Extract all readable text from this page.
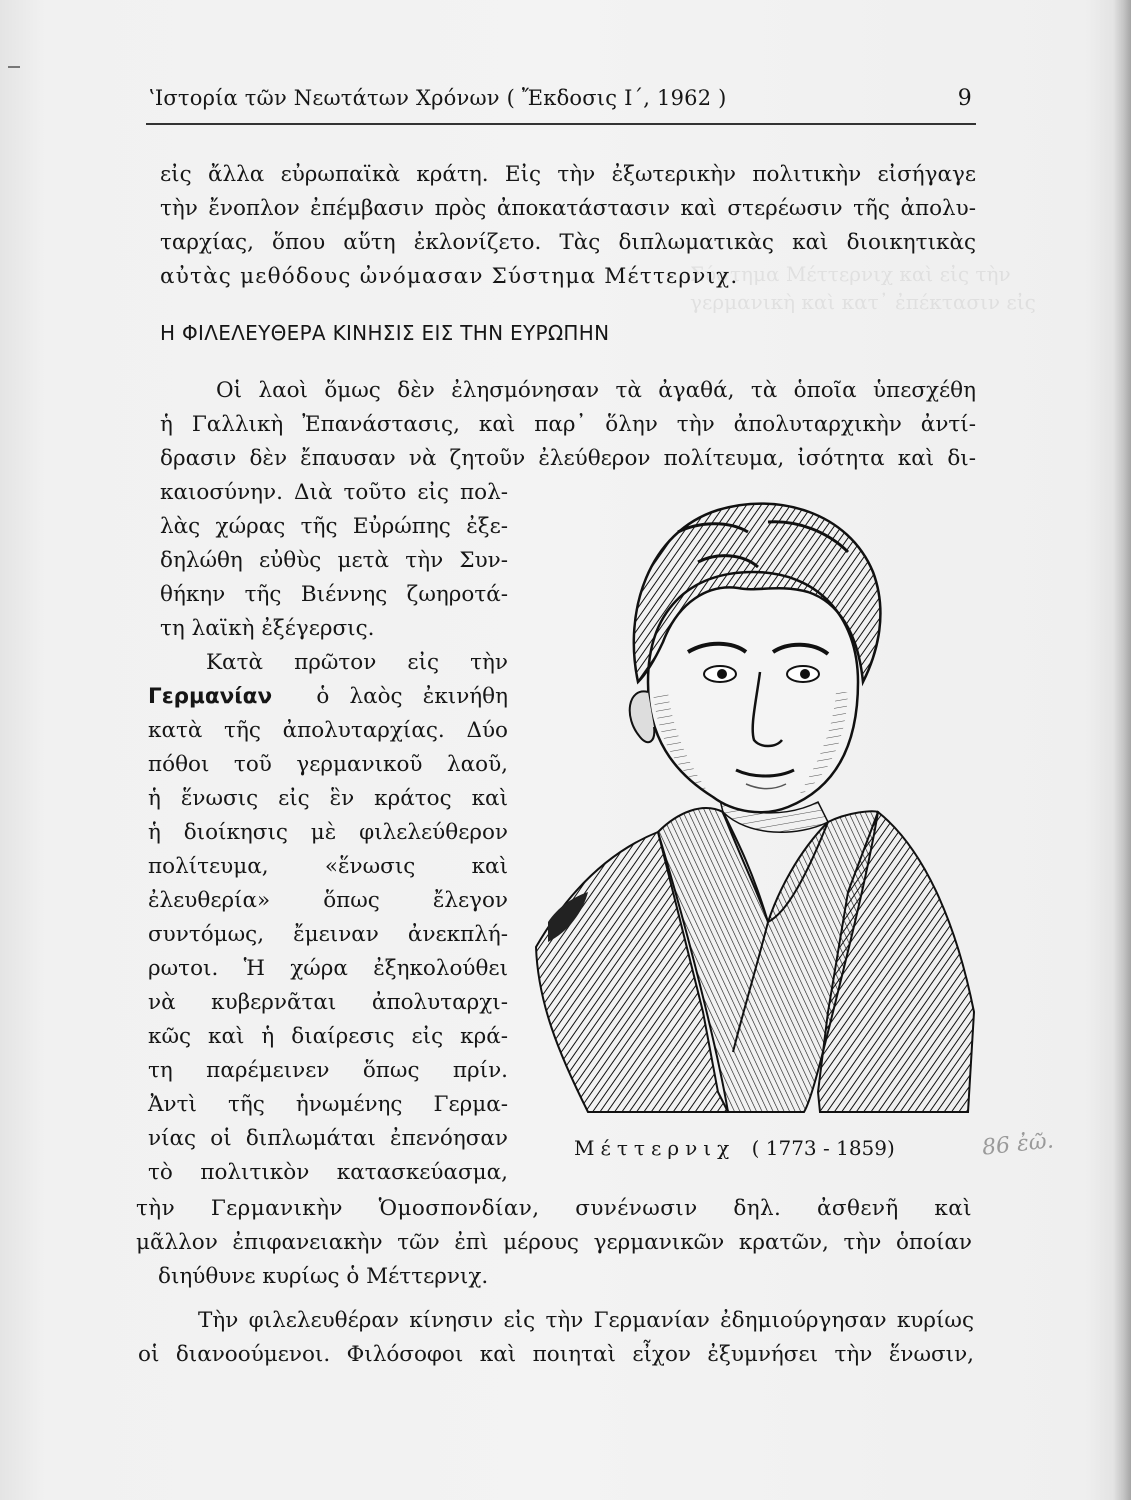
Σύστημα Μέττερνιχ καὶ εἰς τὴν
γερμανικὴ καὶ κατ᾽ ἐπέκτασιν εἰς
ʽΙστορία τῶν Νεωτάτων Χρόνων ( Ἔκδοσις Ι΄, 1962 )	9
εἰς ἄλλα εὐρωπαϊκὰ κράτη. Εἰς τὴν ἐξωτερικὴν πολιτικὴν εἰσήγαγε
τὴν ἔνοπλον ἐπέμβασιν πρὸς ἀποκατάστασιν καὶ στερέωσιν τῆς ἀπολυ-
ταρχίας, ὅπου αὕτη ἐκλονίζετο. Τὰς διπλωματικὰς καὶ διοικητικὰς
αὐτὰς μεθόδους ὠνόμασαν Σύστημα Μέττερνιχ.
Η ΦΙΛΕΛΕΥΘΕΡΑ ΚΙΝΗΣΙΣ ΕΙΣ ΤΗΝ ΕΥΡΩΠΗΝ
Οἱ λαοὶ ὅμως δὲν ἐλησμόνησαν τὰ ἀγαθά, τὰ ὁποῖα ὑπεσχέθη
ἡ Γαλλικὴ Ἐπανάστασις, καὶ παρ᾽ ὅλην τὴν ἀπολυταρχικὴν ἀντί-
δρασιν δὲν ἔπαυσαν νὰ ζητοῦν ἐλεύθερον πολίτευμα, ἰσότητα καὶ δι-
καιοσύνην. Διὰ τοῦτο εἰς πολ-
λὰς χώρας τῆς Εὐρώπης ἐξε-
δηλώθη εὐθὺς μετὰ τὴν Συν-
θήκην τῆς Βιέννης ζωηροτά-
τη λαϊκὴ ἐξέγερσις.
Κατὰ πρῶτον εἰς τὴν
Γερμανίαν ὁ λαὸς ἐκινήθη
κατὰ τῆς ἀπολυταρχίας. Δύο
πόθοι τοῦ γερμανικοῦ λαοῦ,
ἡ ἕνωσις εἰς ἓν κράτος καὶ
ἡ διοίκησις μὲ φιλελεύθερον
πολίτευμα, «ἕνωσις καὶ
ἐλευθερία» ὅπως ἔλεγον
συντόμως, ἔμειναν ἀνεκπλή-
ρωτοι. Ἡ χώρα ἐξηκολούθει
νὰ κυβερνᾶται ἀπολυταρχι-
κῶς καὶ ἡ διαίρεσις εἰς κρά-
τη παρέμεινεν ὅπως πρίν.
Ἀντὶ τῆς ἡνωμένης Γερμα-
νίας οἱ διπλωμάται ἐπενόησαν
τὸ πολιτικὸν κατασκεύασμα,
τὴν Γερμανικὴν Ὁμοσπονδίαν, συνένωσιν δηλ. ἀσθενῆ καὶ
μᾶλλον ἐπιφανειακὴν τῶν ἐπὶ μέρους γερμανικῶν κρατῶν, τὴν ὁποίαν
διηύθυνε κυρίως ὁ Μέττερνιχ.
Τὴν φιλελευθέραν κίνησιν εἰς τὴν Γερμανίαν ἐδημιούργησαν κυρίως
οἱ διανοούμενοι. Φιλόσοφοι καὶ ποιηταὶ εἶχον ἐξυμνήσει τὴν ἕνωσιν,
Μέττερνιχ ( 1773 - 1859)	86 ἐῶ.
